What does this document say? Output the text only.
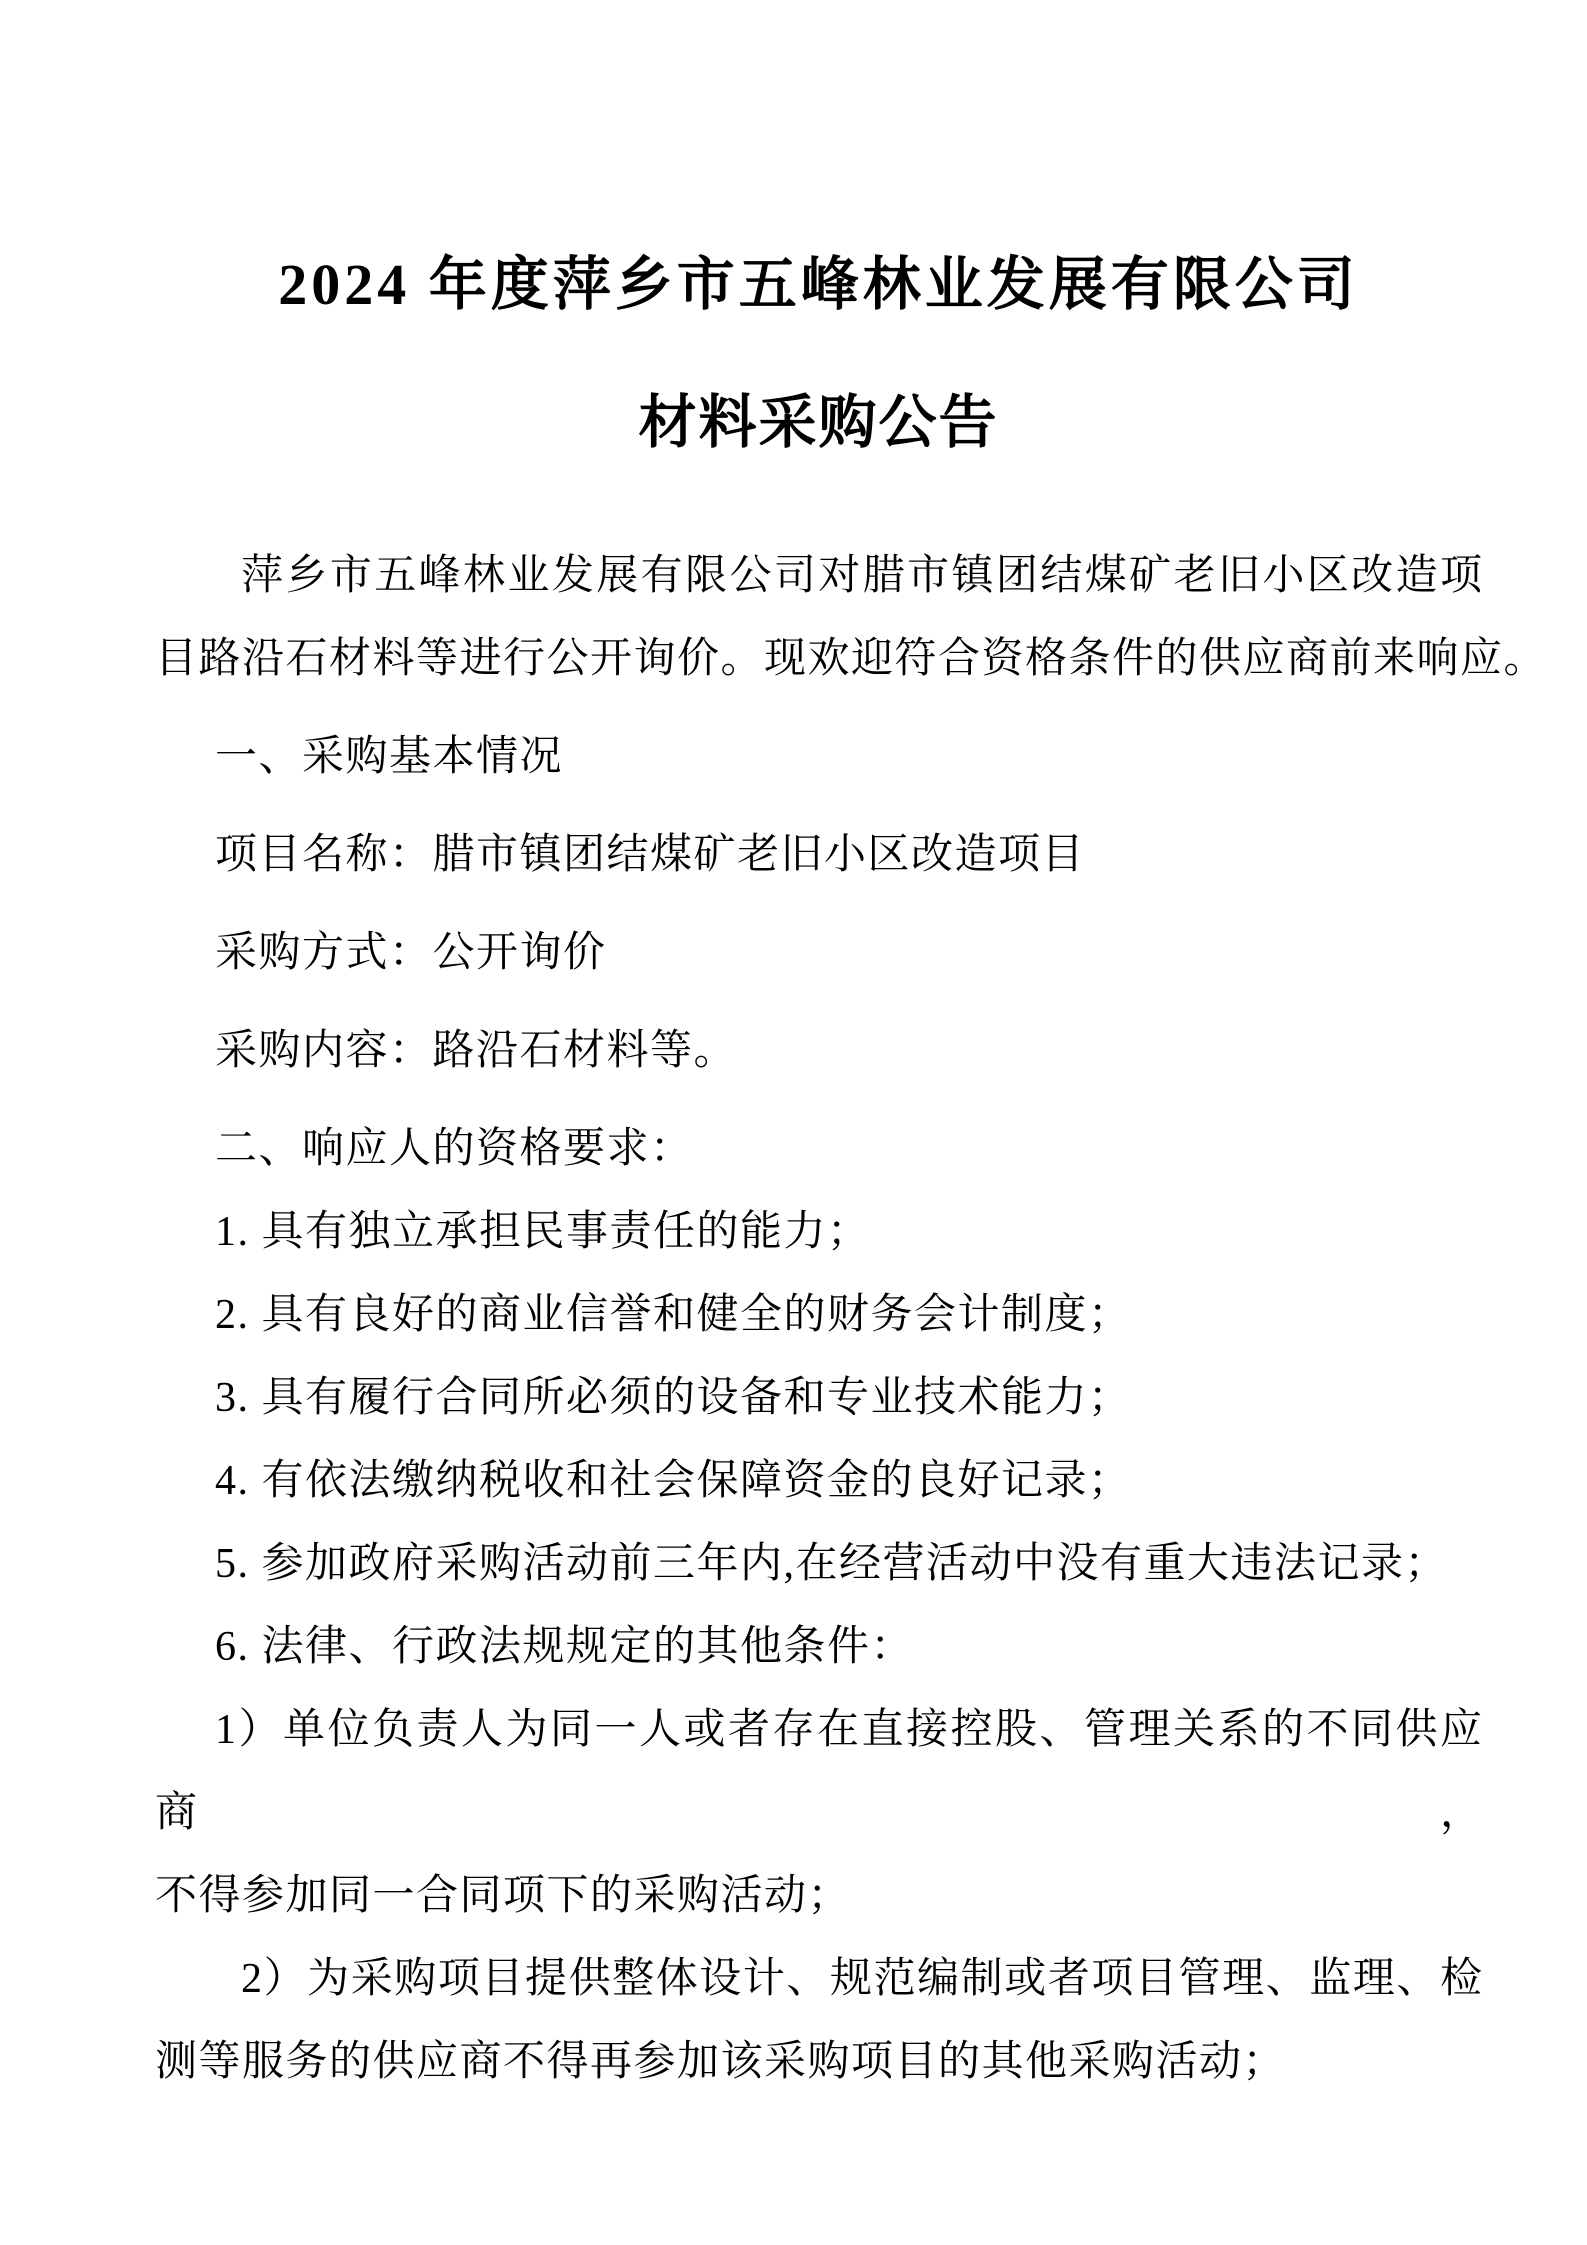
2024 年度萍乡市五峰林业发展有限公司
材料采购公告
萍乡市五峰林业发展有限公司对腊市镇团结煤矿老旧小区改造项
目路沿石材料等进行公开询价。现欢迎符合资格条件的供应商前来响应。
一、采购基本情况
项目名称：腊市镇团结煤矿老旧小区改造项目
采购方式：公开询价
采购内容：路沿石材料等。
二、响应人的资格要求：
1. 具有独立承担民事责任的能力；
2. 具有良好的商业信誉和健全的财务会计制度；
3. 具有履行合同所必须的设备和专业技术能力；
4. 有依法缴纳税收和社会保障资金的良好记录；
5. 参加政府采购活动前三年内,在经营活动中没有重大违法记录；
6. 法律、行政法规规定的其他条件：
1）单位负责人为同一人或者存在直接控股、管理关系的不同供应商，
不得参加同一合同项下的采购活动；
2）为采购项目提供整体设计、规范编制或者项目管理、监理、检
测等服务的供应商不得再参加该采购项目的其他采购活动；
